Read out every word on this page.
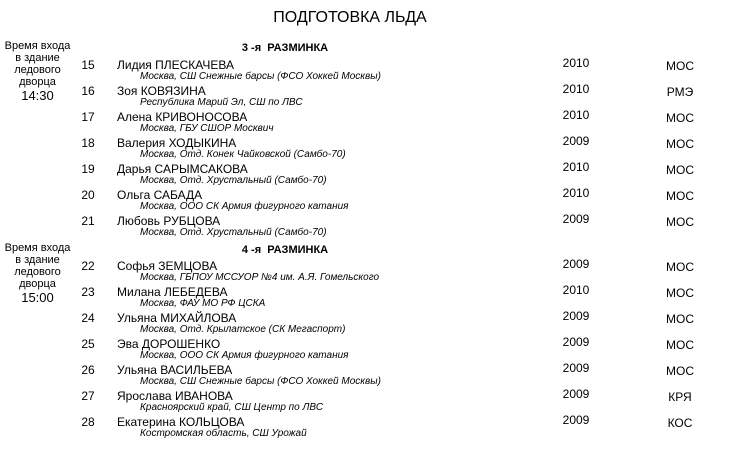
ПОДГОТОВКА ЛЬДА
Время входа
в здание
ледового дворца
14:30
3 -я  РАЗМИНКА
15 Лидия ПЛЕСКАЧЕВА
Москва, СШ Снежные барсы (ФСО Хоккей Москвы)
2010	МОС
16 Зоя КОВЯЗИНА
Республика Марий Эл, СШ по ЛВС
2010	РМЭ
17 Алена КРИВОНОСОВА
Москва, ГБУ СШОР Москвич
2010	МОС
18 Валерия ХОДЫКИНА
Москва, Отд. Конек Чайковской (Самбо-70)
2009	МОС
19 Дарья САРЫМСАКОВА
Москва, Отд. Хрустальный (Самбо-70)
2010	МОС
20 Ольга САБАДА
Москва, ООО СК Армия фигурного катания
2010	МОС
21 Любовь РУБЦОВА
Москва, Отд. Хрустальный (Самбо-70)
2009	МОС
Время входа
в здание
ледового дворца
15:00
4 -я  РАЗМИНКА
22 Софья ЗЕМЦОВА
Москва, ГБПОУ МССУОР №4 им. А.Я. Гомельского
2009	МОС
23 Милана ЛЕБЕДЕВА
Москва, ФАУ МО РФ ЦСКА
2010	МОС
24 Ульяна МИХАЙЛОВА
Москва, Отд. Крылатское (СК Мегаспорт)
2009	МОС
25 Эва ДОРОШЕНКО
Москва, ООО СК Армия фигурного катания
2009	МОС
26 Ульяна ВАСИЛЬЕВА
Москва, СШ Снежные барсы (ФСО Хоккей Москвы)
2009	МОС
27 Ярослава ИВАНОВА
Красноярский край, СШ Центр по ЛВС
2009	КРЯ
28 Екатерина КОЛЬЦОВА
Костромская область, СШ Урожай
2009	КОС
